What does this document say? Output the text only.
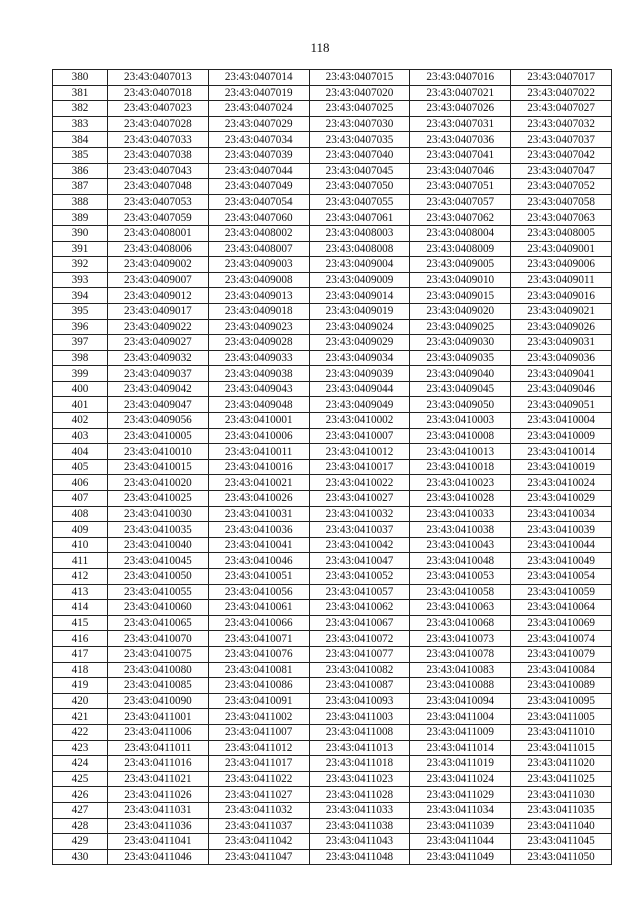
118
380	23:43:0407013	23:43:0407014	23:43:0407015	23:43:0407016	23:43:0407017
381	23:43:0407018	23:43:0407019	23:43:0407020	23:43:0407021	23:43:0407022
382	23:43:0407023	23:43:0407024	23:43:0407025	23:43:0407026	23:43:0407027
383	23:43:0407028	23:43:0407029	23:43:0407030	23:43:0407031	23:43:0407032
384	23:43:0407033	23:43:0407034	23:43:0407035	23:43:0407036	23:43:0407037
385	23:43:0407038	23:43:0407039	23:43:0407040	23:43:0407041	23:43:0407042
386	23:43:0407043	23:43:0407044	23:43:0407045	23:43:0407046	23:43:0407047
387	23:43:0407048	23:43:0407049	23:43:0407050	23:43:0407051	23:43:0407052
388	23:43:0407053	23:43:0407054	23:43:0407055	23:43:0407057	23:43:0407058
389	23:43:0407059	23:43:0407060	23:43:0407061	23:43:0407062	23:43:0407063
390	23:43:0408001	23:43:0408002	23:43:0408003	23:43:0408004	23:43:0408005
391	23:43:0408006	23:43:0408007	23:43:0408008	23:43:0408009	23:43:0409001
392	23:43:0409002	23:43:0409003	23:43:0409004	23:43:0409005	23:43:0409006
393	23:43:0409007	23:43:0409008	23:43:0409009	23:43:0409010	23:43:0409011
394	23:43:0409012	23:43:0409013	23:43:0409014	23:43:0409015	23:43:0409016
395	23:43:0409017	23:43:0409018	23:43:0409019	23:43:0409020	23:43:0409021
396	23:43:0409022	23:43:0409023	23:43:0409024	23:43:0409025	23:43:0409026
397	23:43:0409027	23:43:0409028	23:43:0409029	23:43:0409030	23:43:0409031
398	23:43:0409032	23:43:0409033	23:43:0409034	23:43:0409035	23:43:0409036
399	23:43:0409037	23:43:0409038	23:43:0409039	23:43:0409040	23:43:0409041
400	23:43:0409042	23:43:0409043	23:43:0409044	23:43:0409045	23:43:0409046
401	23:43:0409047	23:43:0409048	23:43:0409049	23:43:0409050	23:43:0409051
402	23:43:0409056	23:43:0410001	23:43:0410002	23:43:0410003	23:43:0410004
403	23:43:0410005	23:43:0410006	23:43:0410007	23:43:0410008	23:43:0410009
404	23:43:0410010	23:43:0410011	23:43:0410012	23:43:0410013	23:43:0410014
405	23:43:0410015	23:43:0410016	23:43:0410017	23:43:0410018	23:43:0410019
406	23:43:0410020	23:43:0410021	23:43:0410022	23:43:0410023	23:43:0410024
407	23:43:0410025	23:43:0410026	23:43:0410027	23:43:0410028	23:43:0410029
408	23:43:0410030	23:43:0410031	23:43:0410032	23:43:0410033	23:43:0410034
409	23:43:0410035	23:43:0410036	23:43:0410037	23:43:0410038	23:43:0410039
410	23:43:0410040	23:43:0410041	23:43:0410042	23:43:0410043	23:43:0410044
411	23:43:0410045	23:43:0410046	23:43:0410047	23:43:0410048	23:43:0410049
412	23:43:0410050	23:43:0410051	23:43:0410052	23:43:0410053	23:43:0410054
413	23:43:0410055	23:43:0410056	23:43:0410057	23:43:0410058	23:43:0410059
414	23:43:0410060	23:43:0410061	23:43:0410062	23:43:0410063	23:43:0410064
415	23:43:0410065	23:43:0410066	23:43:0410067	23:43:0410068	23:43:0410069
416	23:43:0410070	23:43:0410071	23:43:0410072	23:43:0410073	23:43:0410074
417	23:43:0410075	23:43:0410076	23:43:0410077	23:43:0410078	23:43:0410079
418	23:43:0410080	23:43:0410081	23:43:0410082	23:43:0410083	23:43:0410084
419	23:43:0410085	23:43:0410086	23:43:0410087	23:43:0410088	23:43:0410089
420	23:43:0410090	23:43:0410091	23:43:0410093	23:43:0410094	23:43:0410095
421	23:43:0411001	23:43:0411002	23:43:0411003	23:43:0411004	23:43:0411005
422	23:43:0411006	23:43:0411007	23:43:0411008	23:43:0411009	23:43:0411010
423	23:43:0411011	23:43:0411012	23:43:0411013	23:43:0411014	23:43:0411015
424	23:43:0411016	23:43:0411017	23:43:0411018	23:43:0411019	23:43:0411020
425	23:43:0411021	23:43:0411022	23:43:0411023	23:43:0411024	23:43:0411025
426	23:43:0411026	23:43:0411027	23:43:0411028	23:43:0411029	23:43:0411030
427	23:43:0411031	23:43:0411032	23:43:0411033	23:43:0411034	23:43:0411035
428	23:43:0411036	23:43:0411037	23:43:0411038	23:43:0411039	23:43:0411040
429	23:43:0411041	23:43:0411042	23:43:0411043	23:43:0411044	23:43:0411045
430	23:43:0411046	23:43:0411047	23:43:0411048	23:43:0411049	23:43:0411050
